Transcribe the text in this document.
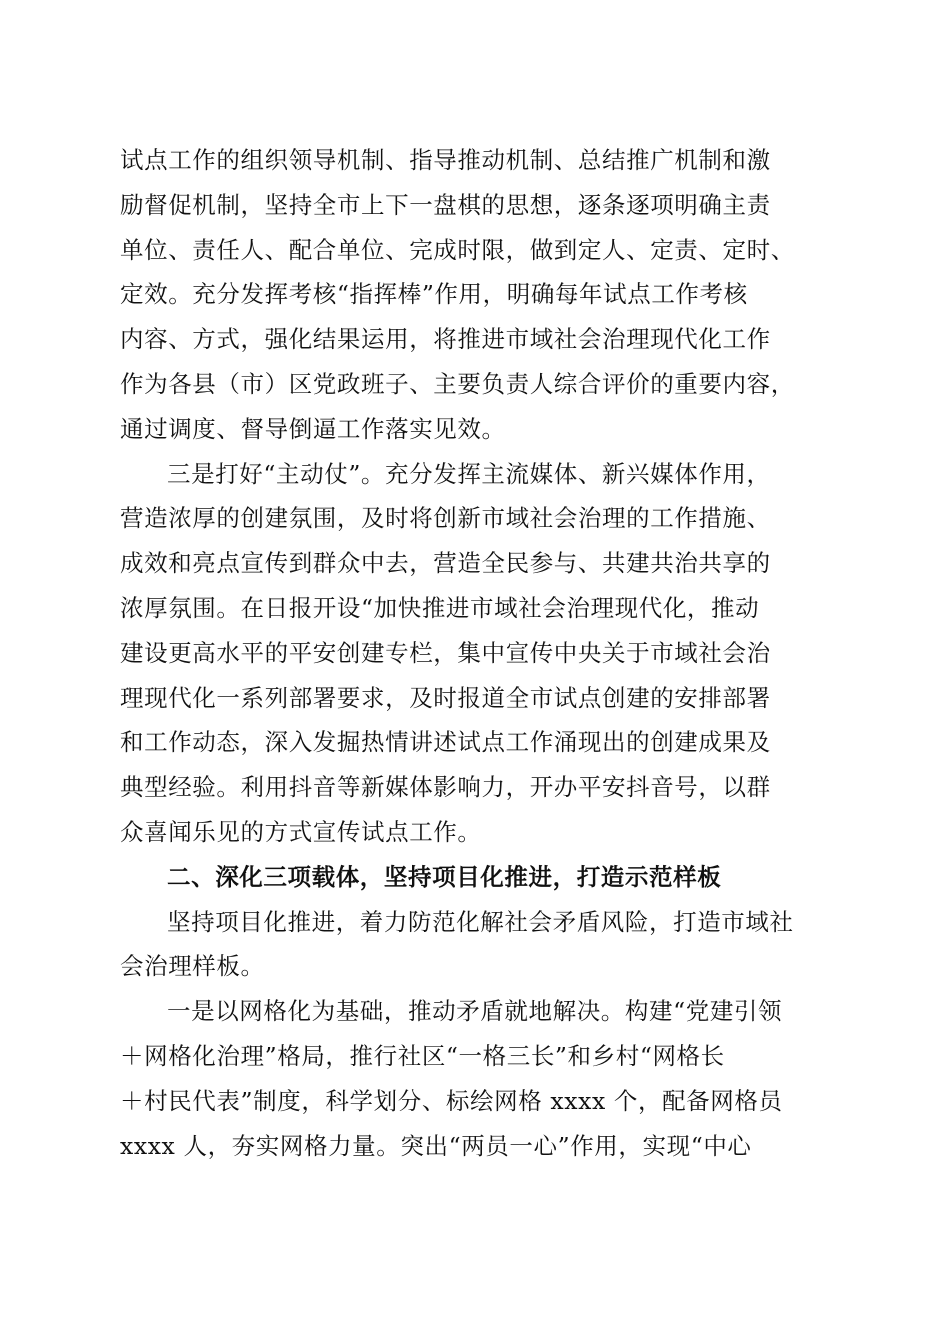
试点工作的组织领导机制、指导推动机制、总结推广机制和激
励督促机制，坚持全市上下一盘棋的思想，逐条逐项明确主责
单位、责任人、配合单位、完成时限，做到定人、定责、定时、
定效。充分发挥考核“指挥棒”作用，明确每年试点工作考核
内容、方式，强化结果运用，将推进市域社会治理现代化工作
作为各县（市）区党政班子、主要负责人综合评价的重要内容，
通过调度、督导倒逼工作落实见效。
三是打好“主动仗”。充分发挥主流媒体、新兴媒体作用，
营造浓厚的创建氛围，及时将创新市域社会治理的工作措施、
成效和亮点宣传到群众中去，营造全民参与、共建共治共享的
浓厚氛围。在日报开设“加快推进市域社会治理现代化，推动
建设更高水平的平安创建专栏，集中宣传中央关于市域社会治
理现代化一系列部署要求，及时报道全市试点创建的安排部署
和工作动态，深入发掘热情讲述试点工作涌现出的创建成果及
典型经验。利用抖音等新媒体影响力，开办平安抖音号，以群
众喜闻乐见的方式宣传试点工作。
二、深化三项载体，坚持项目化推进，打造示范样板
坚持项目化推进，着力防范化解社会矛盾风险，打造市域社
会治理样板。
一是以网格化为基础，推动矛盾就地解决。构建“党建引领
＋网格化治理”格局，推行社区“一格三长”和乡村“网格长
＋村民代表”制度，科学划分、标绘网格 xxxx 个，配备网格员
xxxx 人，夯实网格力量。突出“两员一心”作用，实现“中心
